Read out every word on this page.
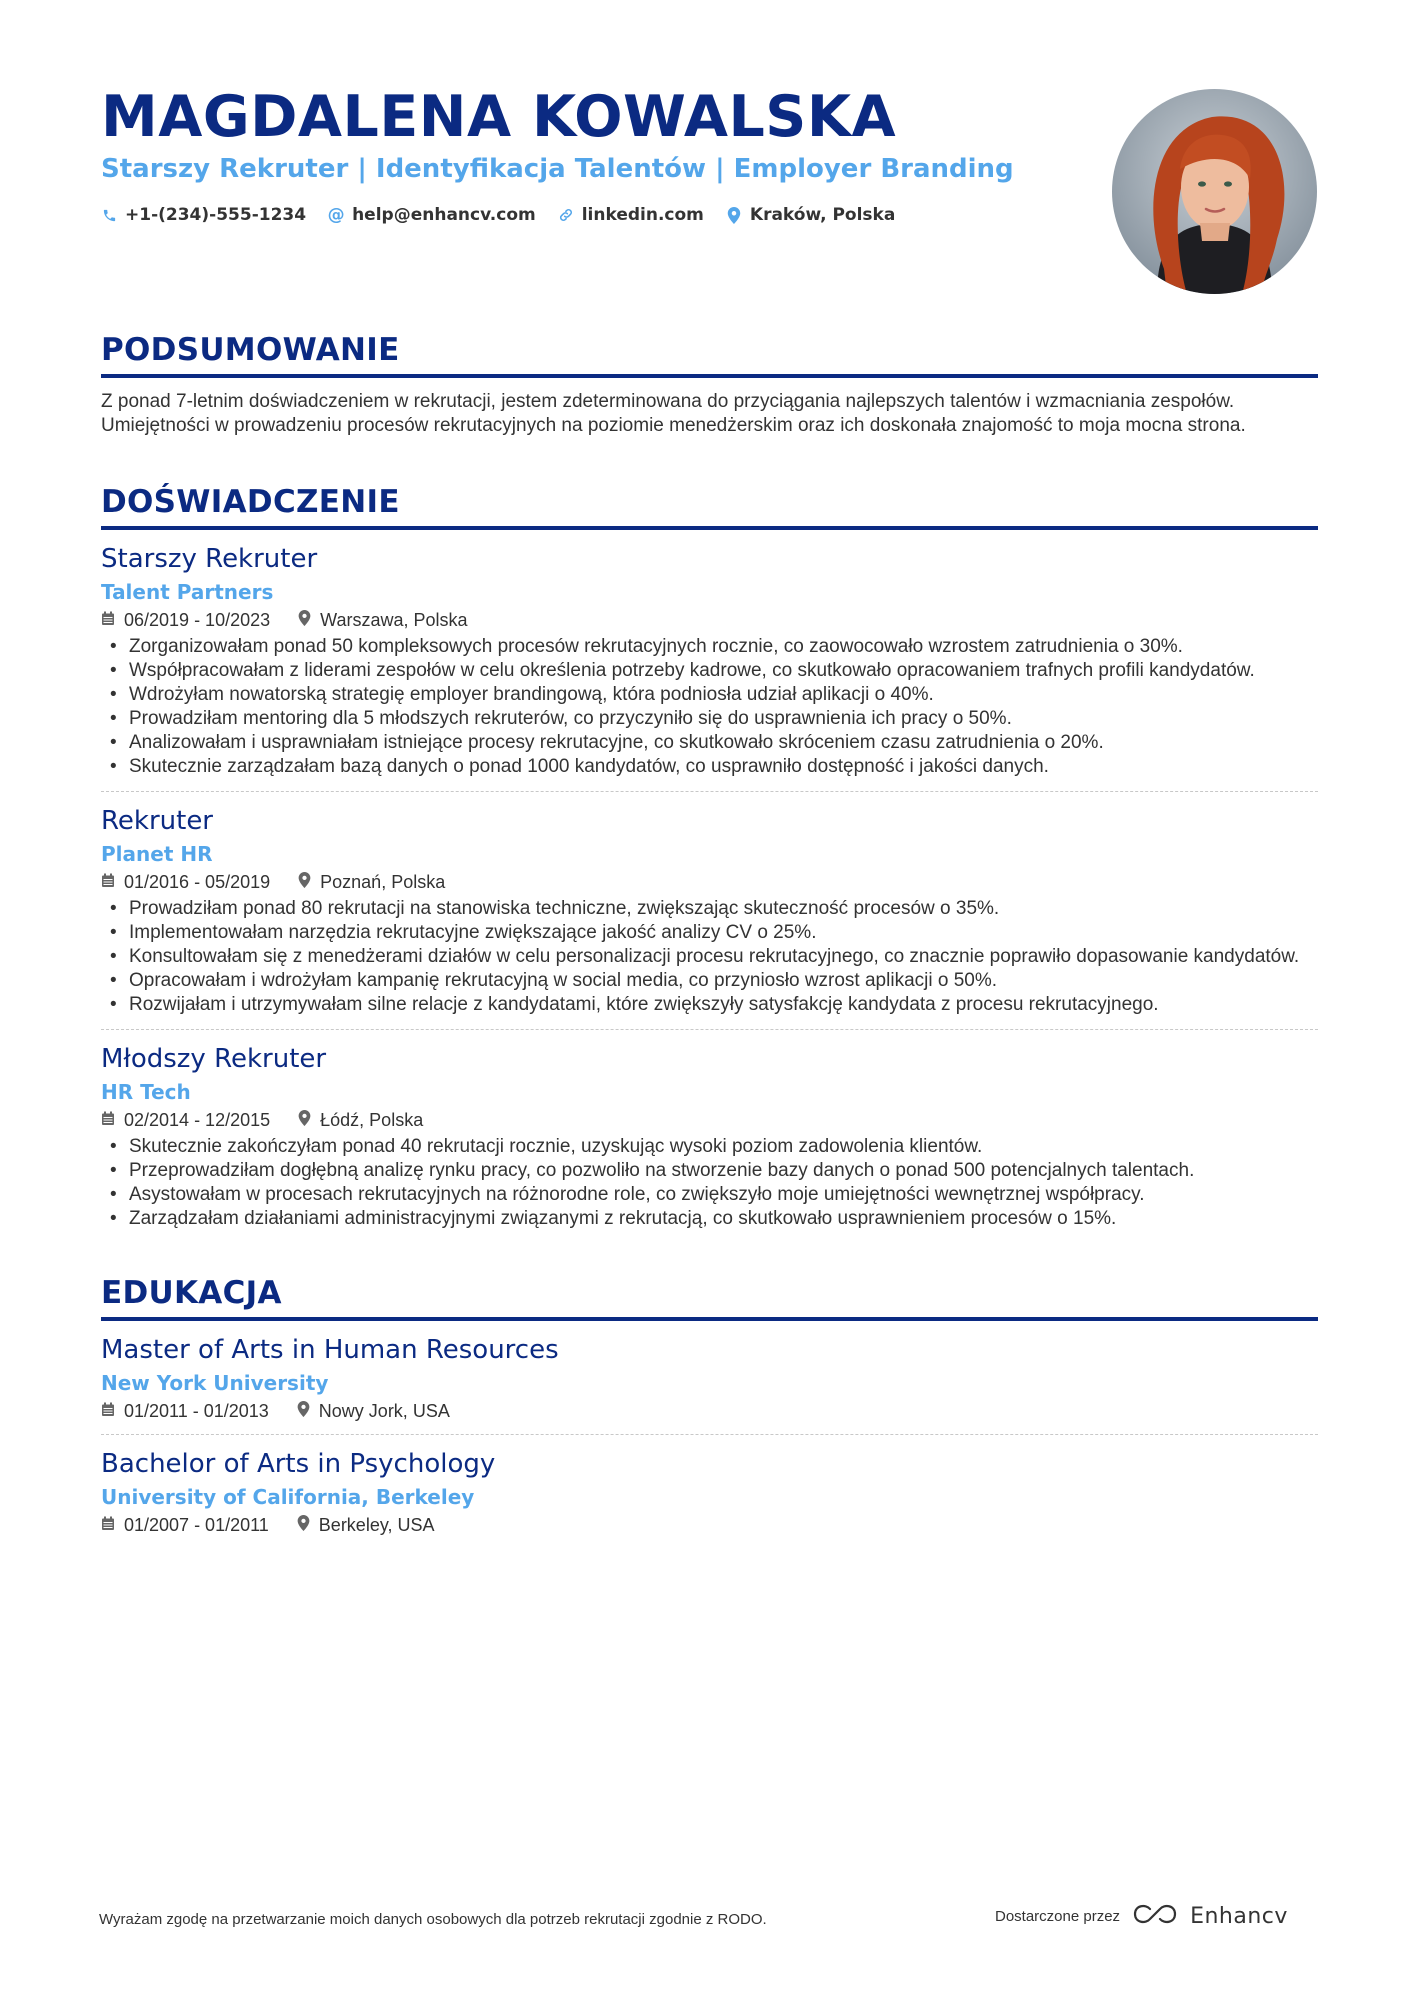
MAGDALENA KOWALSKA
Starszy Rekruter | Identyfikacja Talentów | Employer Branding
+1-(234)-555-1234 @ help@enhancv.com	linkedin.com	Kraków, Polska
PODSUMOWANIE
Z ponad 7-letnim doświadczeniem w rekrutacji, jestem zdeterminowana do przyciągania najlepszych talentów i wzmacniania zespołów. Umiejętności w prowadzeniu procesów rekrutacyjnych na poziomie menedżerskim oraz ich doskonała znajomość to moja mocna strona.
DOŚWIADCZENIE
Starszy Rekruter
Talent Partners
06/2019 - 10/2023	Warszawa, Polska
• Zorganizowałam ponad 50 kompleksowych procesów rekrutacyjnych rocznie, co zaowocowało wzrostem zatrudnienia o 30%.
• Współpracowałam z liderami zespołów w celu określenia potrzeby kadrowe, co skutkowało opracowaniem trafnych profili kandydatów.
• Wdrożyłam nowatorską strategię employer brandingową, która podniosła udział aplikacji o 40%.
• Prowadziłam mentoring dla 5 młodszych rekruterów, co przyczyniło się do usprawnienia ich pracy o 50%.
• Analizowałam i usprawniałam istniejące procesy rekrutacyjne, co skutkowało skróceniem czasu zatrudnienia o 20%.
• Skutecznie zarządzałam bazą danych o ponad 1000 kandydatów, co usprawniło dostępność i jakości danych.
Rekruter
Planet HR
01/2016 - 05/2019	Poznań, Polska
• Prowadziłam ponad 80 rekrutacji na stanowiska techniczne, zwiększając skuteczność procesów o 35%.
• Implementowałam narzędzia rekrutacyjne zwiększające jakość analizy CV o 25%.
• Konsultowałam się z menedżerami działów w celu personalizacji procesu rekrutacyjnego, co znacznie poprawiło dopasowanie kandydatów.
• Opracowałam i wdrożyłam kampanię rekrutacyjną w social media, co przyniosło wzrost aplikacji o 50%.
• Rozwijałam i utrzymywałam silne relacje z kandydatami, które zwiększyły satysfakcję kandydata z procesu rekrutacyjnego.
Młodszy Rekruter
HR Tech
02/2014 - 12/2015	Łódź, Polska
• Skutecznie zakończyłam ponad 40 rekrutacji rocznie, uzyskując wysoki poziom zadowolenia klientów.
• Przeprowadziłam dogłębną analizę rynku pracy, co pozwoliło na stworzenie bazy danych o ponad 500 potencjalnych talentach.
• Asystowałam w procesach rekrutacyjnych na różnorodne role, co zwiększyło moje umiejętności wewnętrznej współpracy.
• Zarządzałam działaniami administracyjnymi związanymi z rekrutacją, co skutkowało usprawnieniem procesów o 15%.
EDUKACJA
Master of Arts in Human Resources
New York University
01/2011 - 01/2013	Nowy Jork, USA
Bachelor of Arts in Psychology
University of California, Berkeley
01/2007 - 01/2011	Berkeley, USA
Wyrażam zgodę na przetwarzanie moich danych osobowych dla potrzeb rekrutacji zgodnie z RODO.	Dostarczone przez	Enhancv
